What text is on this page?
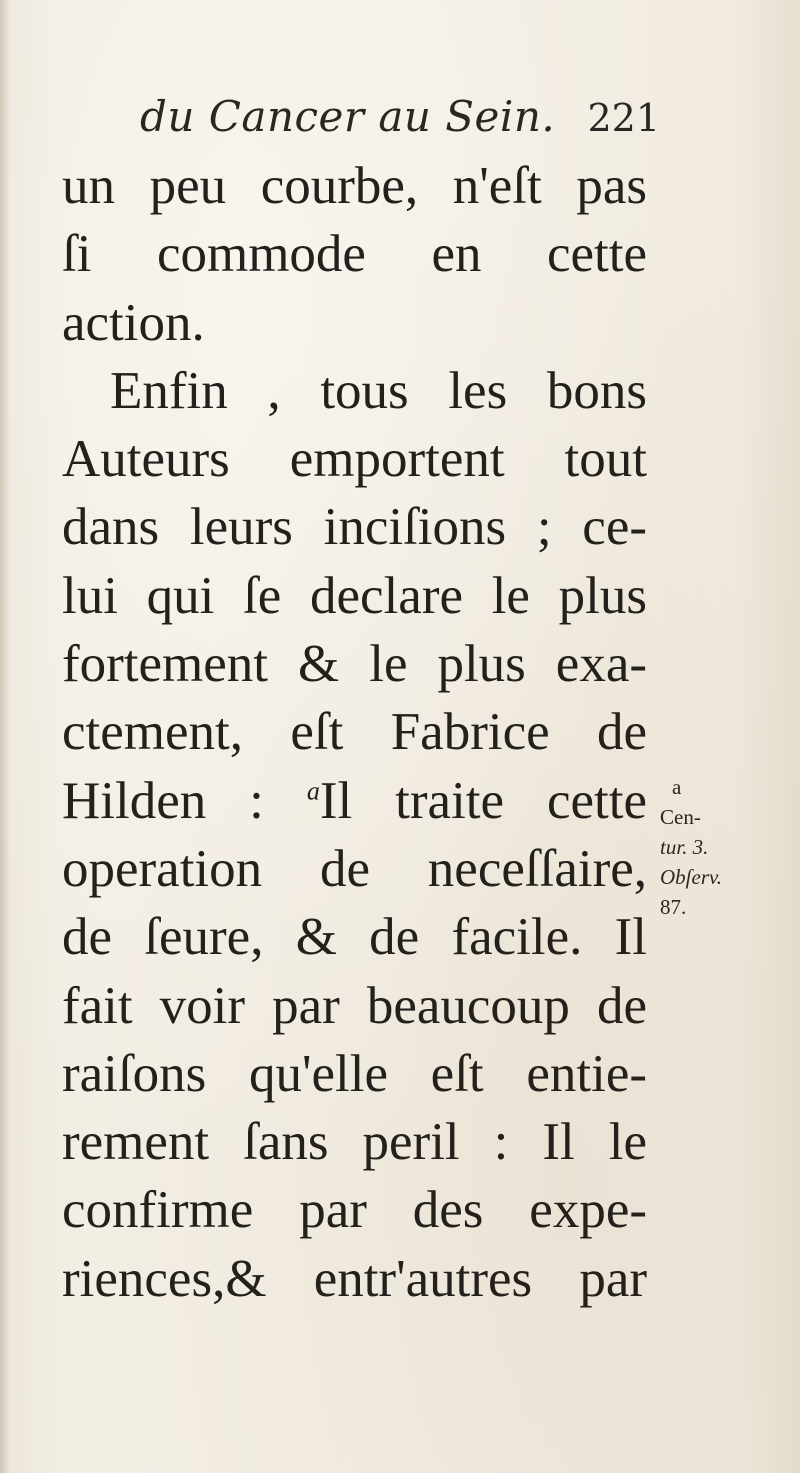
du Cancer au Sein. 221
un peu courbe, n'eſt pas
ſi commode en cette
action.
Enfin , tous les bons
Auteurs emportent tout
dans leurs inciſions ; ce-
lui qui ſe declare le plus
fortement & le plus exa-
ctement, eſt Fabrice de
Hilden : $^a$Il traite cette
operation de neceſſaire,
de ſeure, & de facile. Il
fait voir par beaucoup de
raiſons qu'elle eſt entie-
rement ſans peril : Il le
confirme par des expe-
riences,& entr'autres par
a
Cen-
tur. 3.
Obſerv.
87.
